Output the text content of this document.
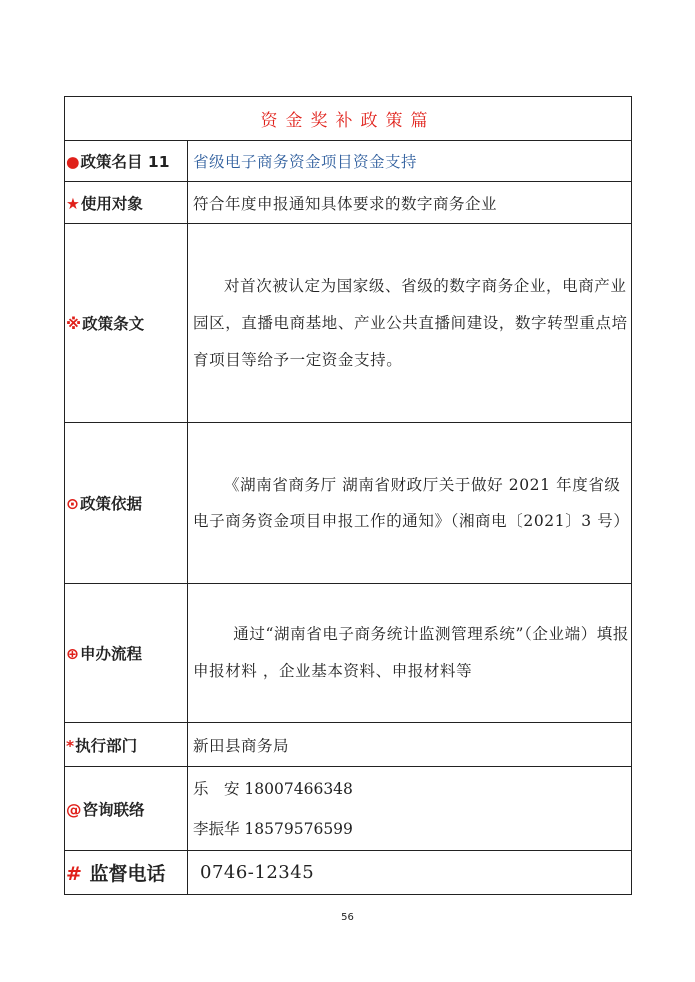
资金奖补政策篇	
●政策名目 11	省级电子商务资金项目资金支持
★使用对象	符合年度申报通知具体要求的数字商务企业
※政策条文	对首次被认定为国家级、省级的数字商务企业，电商产业园区，直播电商基地、产业公共直播间建设，数字转型重点培育项目等给予一定资金支持。
⊙政策依据	《湖南省商务厅 湖南省财政厅关于做好 2021 年度省级电子商务资金项目申报工作的通知》（湘商电〔2021〕3 号）
⊕申办流程	通过“湖南省电子商务统计监测管理系统”（企业端）填报申报材料 ，企业基本资料、申报材料等
*执行部门	新田县商务局
@咨询联络	乐　安 18007466348
李振华 18579576599

# 监督电话	0746-12345
56
